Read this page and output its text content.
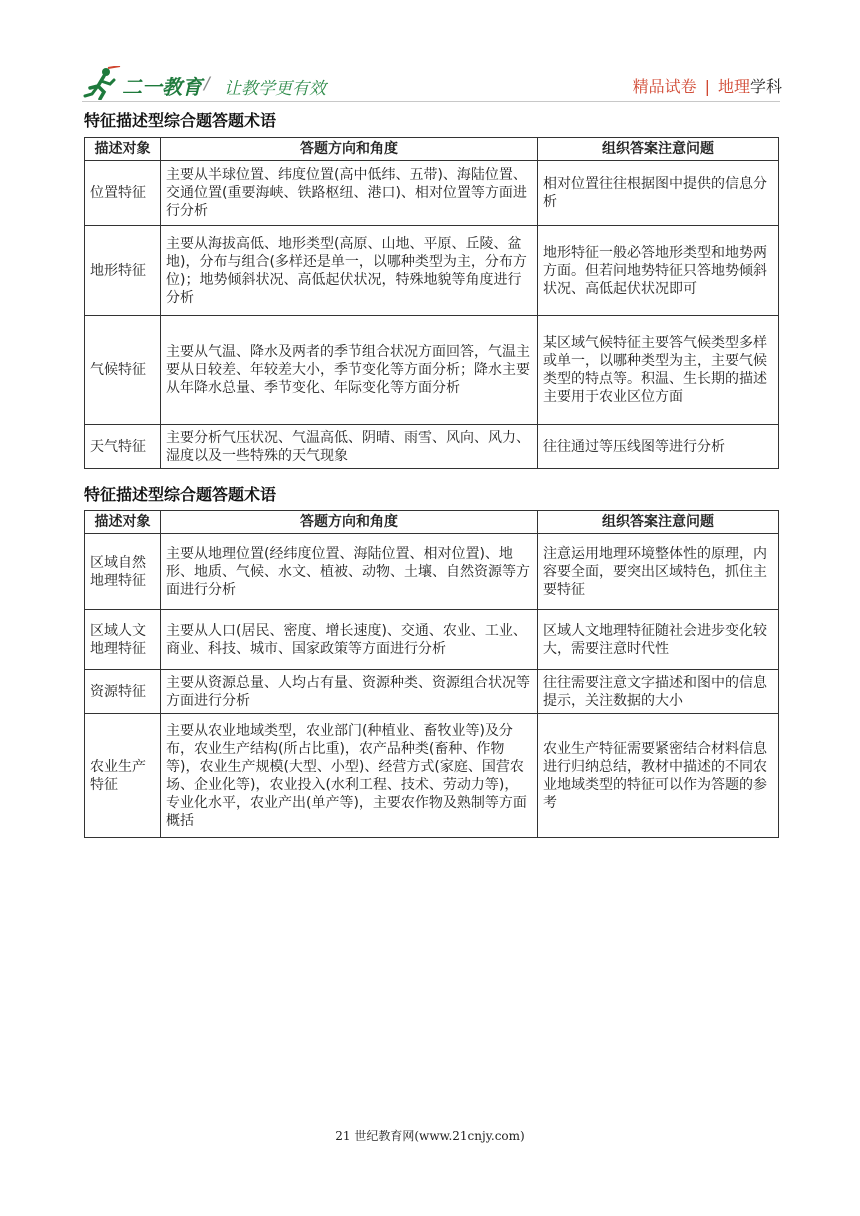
二一教育 / 让教学更有效	精品试卷 | 地理学科
特征描述型综合题答题术语
描述对象	答题方向和角度	组织答案注意问题
位置特征	主要从半球位置、纬度位置(高中低纬、五带)、海陆位置、交通位置(重要海峡、铁路枢纽、港口)、相对位置等方面进行分析	相对位置往往根据图中提供的信息分析
地形特征	主要从海拔高低、地形类型(高原、山地、平原、丘陵、盆地)，分布与组合(多样还是单一，以哪种类型为主，分布方位)；地势倾斜状况、高低起伏状况，特殊地貌等角度进行分析	地形特征一般必答地形类型和地势两方面。但若问地势特征只答地势倾斜状况、高低起伏状况即可
气候特征	主要从气温、降水及两者的季节组合状况方面回答，气温主要从日较差、年较差大小，季节变化等方面分析；降水主要从年降水总量、季节变化、年际变化等方面分析	某区域气候特征主要答气候类型多样或单一，以哪种类型为主，主要气候类型的特点等。积温、生长期的描述主要用于农业区位方面
天气特征	主要分析气压状况、气温高低、阴晴、雨雪、风向、风力、湿度以及一些特殊的天气现象	往往通过等压线图等进行分析
特征描述型综合题答题术语
描述对象	答题方向和角度	组织答案注意问题
区域自然地理特征	主要从地理位置(经纬度位置、海陆位置、相对位置)、地形、地质、气候、水文、植被、动物、土壤、自然资源等方面进行分析	注意运用地理环境整体性的原理，内容要全面，要突出区域特色，抓住主要特征
区域人文地理特征	主要从人口(居民、密度、增长速度)、交通、农业、工业、商业、科技、城市、国家政策等方面进行分析	区域人文地理特征随社会进步变化较大，需要注意时代性
资源特征	主要从资源总量、人均占有量、资源种类、资源组合状况等方面进行分析	往往需要注意文字描述和图中的信息提示，关注数据的大小
农业生产特征	主要从农业地域类型，农业部门(种植业、畜牧业等)及分布，农业生产结构(所占比重)，农产品种类(畜种、作物等)，农业生产规模(大型、小型)、经营方式(家庭、国营农场、企业化等)，农业投入(水利工程、技术、劳动力等)，专业化水平，农业产出(单产等)，主要农作物及熟制等方面概括	农业生产特征需要紧密结合材料信息进行归纳总结，教材中描述的不同农业地域类型的特征可以作为答题的参考
21 世纪教育网(www.21cnjy.com)
